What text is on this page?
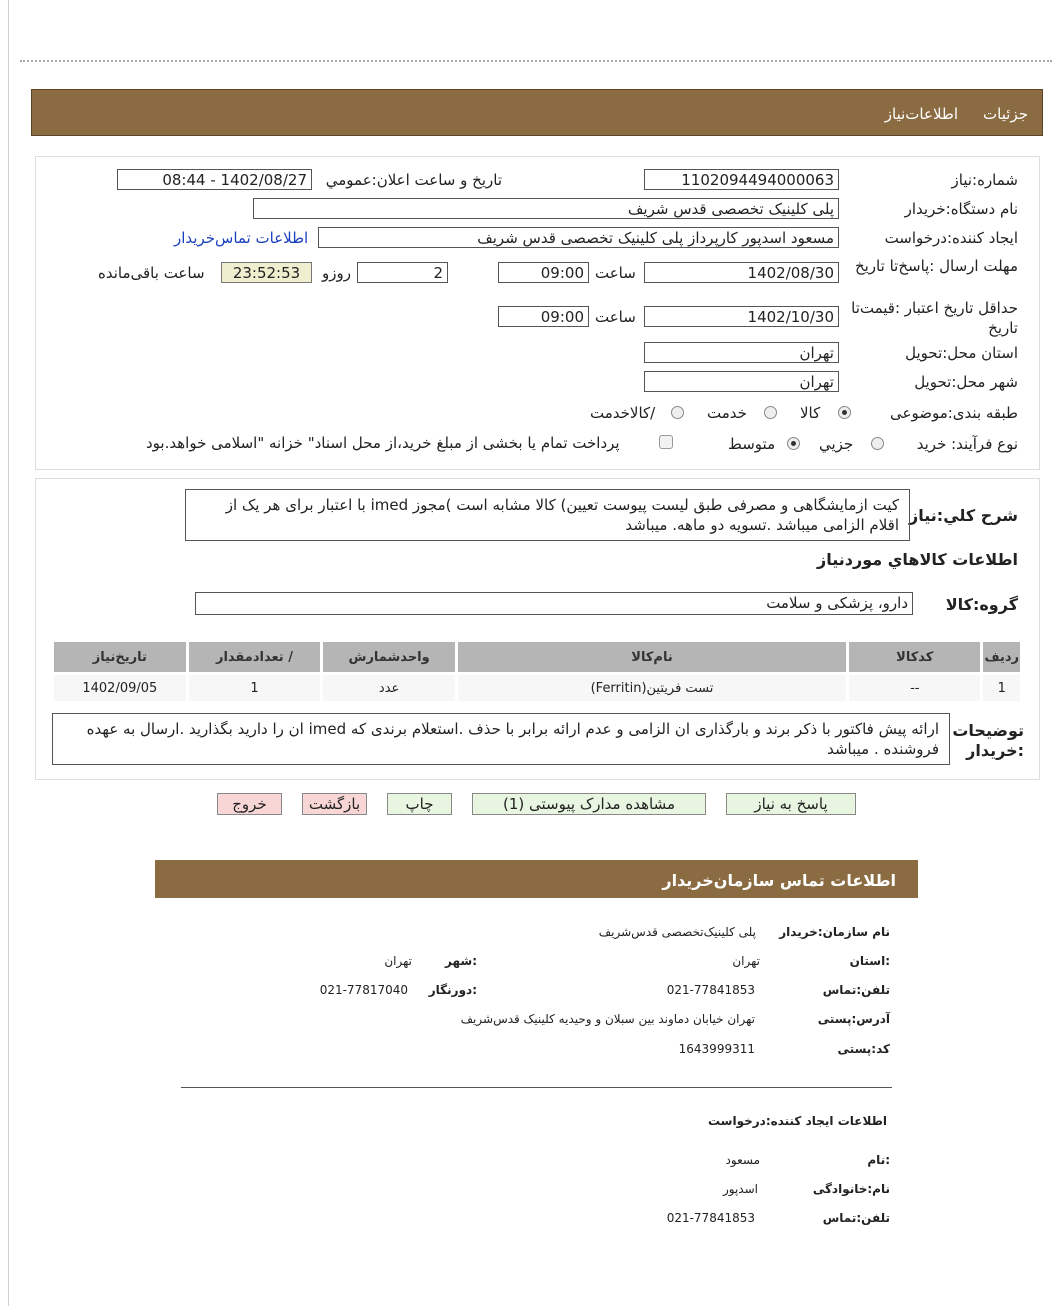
جزئیات
اطلاعات‌نیاز
شماره:نیاز
1102094494000063
تاریخ و ساعت اعلان:عمومي
1402/08/27 - 08:44
نام دستگاه:خریدار
پلی کلینیک تخصصی قدس شریف
ایجاد کننده:درخواست
مسعود اسدپور کارپرداز پلی کلینیک تخصصی قدس شریف
اطلاعات تماس‌خریدار
مهلت ارسال :پاسخ‌تا تاریخ
1402/08/30
ساعت
09:00
2
روزو
23:52:53
ساعت باقی‌مانده
حداقل تاریخ اعتبار :قیمت‌تا تاریخ
1402/10/30
ساعت
09:00
استان محل:تحویل
تهران
شهر محل:تحویل
تهران
طبقه بندی:موضوعی
کالا
خدمت
/کالاخدمت
نوع فرآیند: خرید
جزیي
متوسط
پرداخت تمام یا بخشی از مبلغ خرید،از محل اسناد" خزانه "اسلامی خواهد.بود
شرح کلي:نیاز
کیت ازمایشگاهی و مصرفی طبق لیست پیوست تعیین) کالا مشابه است )مجوز imed با اعتبار برای هر یک از اقلام الزامی میباشد .تسویه دو ماهه. میباشد
اطلاعات کالاهاي موردنیاز
گروه:کالا
دارو، پزشکی و سلامت
ردیف	کدکالا	نام‌کالا	واحدشمارش	/ تعدادمقدار	تاریخ‌نیاز
1	--	تست فریتین(Ferritin)	عدد	1	1402/09/05
توضیحات :خریدار
ارائه پیش فاکتور با ذکر برند و بارگذاری ان الزامی و عدم ارائه برابر با حذف .استعلام برندی که imed ان را دارید بگذارید .ارسال به عهده فروشنده . میباشد
پاسخ به نیاز
مشاهده مدارک پیوستی (1)
چاپ
بازگشت
خروج
اطلاعات تماس سازمان‌خریدار
نام سازمان:خریدار
پلی کلینیک‌تخصصی قدس‌شریف
:استان
تهران
:شهر
تهران
تلفن:تماس
021-77841853
:دورنگار
021-77817040
آدرس:پستی
تهران خیابان دماوند بین سبلان و وحیدیه کلینیک قدس‌شریف
کد:پستی
1643999311
اطلاعات ایجاد کننده:درخواست
:نام
مسعود
نام:خانوادگی
اسدپور
تلفن:تماس
021-77841853
